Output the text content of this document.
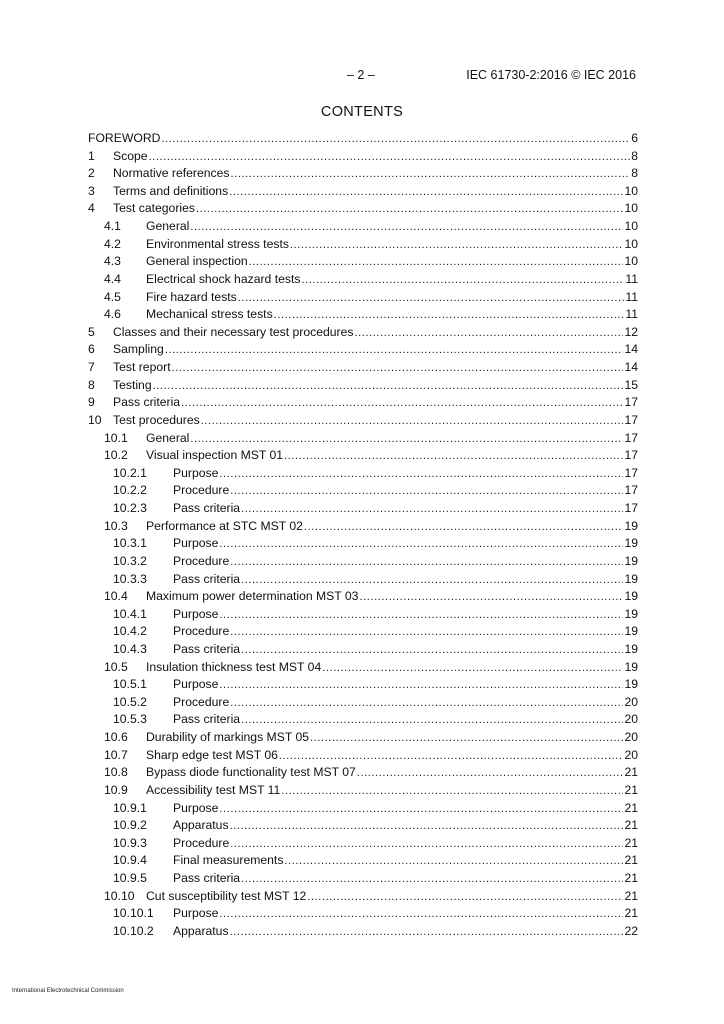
– 2 –	IEC 61730-2:2016 © IEC 2016
CONTENTS
FOREWORD .....	6
1 Scope .....	8
2 Normative references .....	8
3 Terms and definitions .....	10
4 Test categories .....	10
4.1 General .....	10
4.2 Environmental stress tests .....	10
4.3 General inspection .....	10
4.4 Electrical shock hazard tests .....	11
4.5 Fire hazard tests .....	11
4.6 Mechanical stress tests .....	11
5 Classes and their necessary test procedures .....	12
6 Sampling .....	14
7 Test report .....	14
8 Testing .....	15
9 Pass criteria .....	17
10 Test procedures .....	17
10.1 General .....	17
10.2 Visual inspection MST 01 .....	17
10.2.1 Purpose .....	17
10.2.2 Procedure .....	17
10.2.3 Pass criteria .....	17
10.3 Performance at STC MST 02 .....	19
10.3.1 Purpose .....	19
10.3.2 Procedure .....	19
10.3.3 Pass criteria .....	19
10.4 Maximum power determination MST 03 .....	19
10.4.1 Purpose .....	19
10.4.2 Procedure .....	19
10.4.3 Pass criteria .....	19
10.5 Insulation thickness test MST 04 .....	19
10.5.1 Purpose .....	19
10.5.2 Procedure .....	20
10.5.3 Pass criteria .....	20
10.6 Durability of markings MST 05 .....	20
10.7 Sharp edge test MST 06 .....	20
10.8 Bypass diode functionality test MST 07 .....	21
10.9 Accessibility test MST 11 .....	21
10.9.1 Purpose .....	21
10.9.2 Apparatus .....	21
10.9.3 Procedure .....	21
10.9.4 Final measurements .....	21
10.9.5 Pass criteria .....	21
10.10 Cut susceptibility test MST 12 .....	21
10.10.1 Purpose .....	21
10.10.2 Apparatus .....	22
International Electrotechnical Commission
